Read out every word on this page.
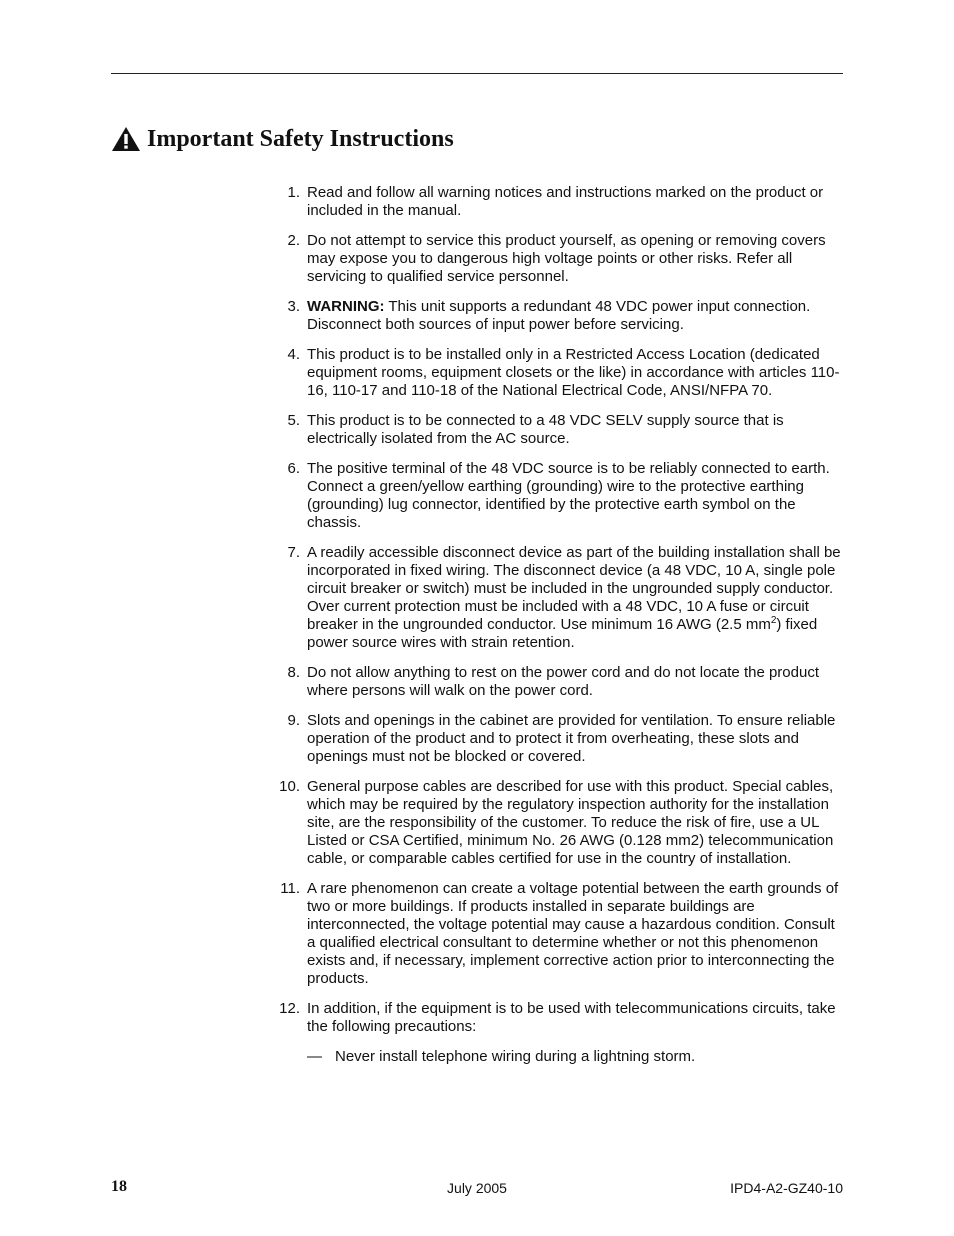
Important Safety Instructions
1. Read and follow all warning notices and instructions marked on the product or included in the manual.
2. Do not attempt to service this product yourself, as opening or removing covers may expose you to dangerous high voltage points or other risks. Refer all servicing to qualified service personnel.
3. WARNING: This unit supports a redundant 48 VDC power input connection. Disconnect both sources of input power before servicing.
4. This product is to be installed only in a Restricted Access Location (dedicated equipment rooms, equipment closets or the like) in accordance with articles 110-16, 110-17 and 110-18 of the National Electrical Code, ANSI/NFPA 70.
5. This product is to be connected to a 48 VDC SELV supply source that is electrically isolated from the AC source.
6. The positive terminal of the 48 VDC source is to be reliably connected to earth. Connect a green/yellow earthing (grounding) wire to the protective earthing (grounding) lug connector, identified by the protective earth symbol on the chassis.
7. A readily accessible disconnect device as part of the building installation shall be incorporated in fixed wiring. The disconnect device (a 48 VDC, 10 A, single pole circuit breaker or switch) must be included in the ungrounded supply conductor. Over current protection must be included with a 48 VDC, 10 A fuse or circuit breaker in the ungrounded conductor. Use minimum 16 AWG (2.5 $mm^2$) fixed power source wires with strain retention.
8. Do not allow anything to rest on the power cord and do not locate the product where persons will walk on the power cord.
9. Slots and openings in the cabinet are provided for ventilation. To ensure reliable operation of the product and to protect it from overheating, these slots and openings must not be blocked or covered.
10. General purpose cables are described for use with this product. Special cables, which may be required by the regulatory inspection authority for the installation site, are the responsibility of the customer. To reduce the risk of fire, use a UL Listed or CSA Certified, minimum No. 26 AWG (0.128 mm2) telecommunication cable, or comparable cables certified for use in the country of installation.
11. A rare phenomenon can create a voltage potential between the earth grounds of two or more buildings. If products installed in separate buildings are interconnected, the voltage potential may cause a hazardous condition. Consult a qualified electrical consultant to determine whether or not this phenomenon exists and, if necessary, implement corrective action prior to interconnecting the products.
12. In addition, if the equipment is to be used with telecommunications circuits, take the following precautions:
— Never install telephone wiring during a lightning storm.
18	July 2005	IPD4-A2-GZ40-10
